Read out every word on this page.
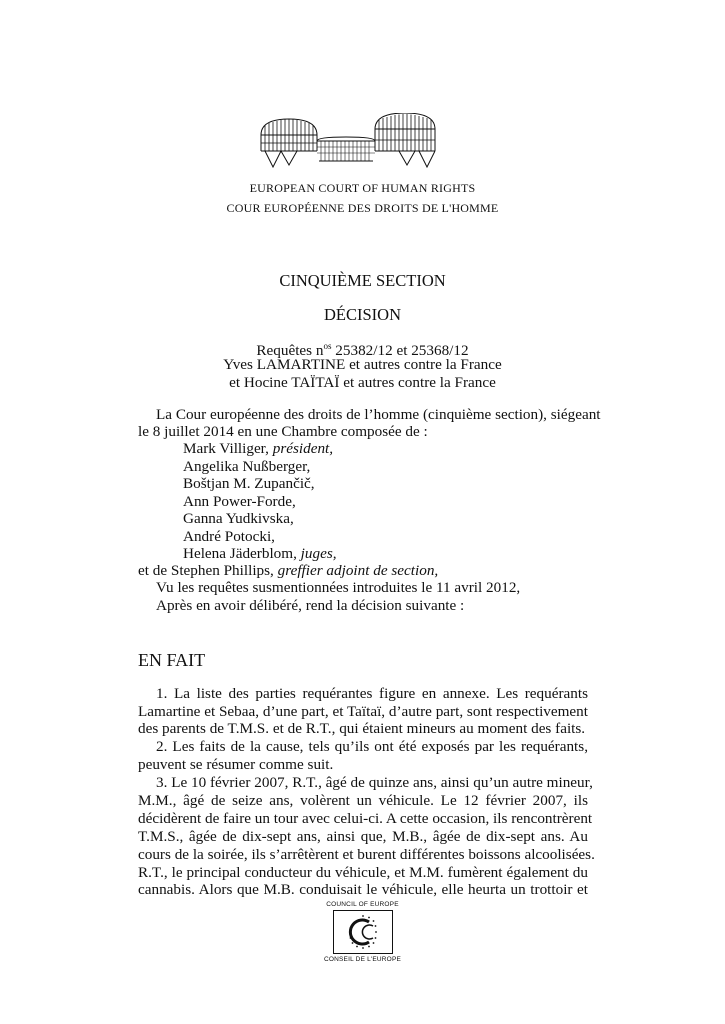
EUROPEAN COURT OF HUMAN RIGHTS
COUR EUROPÉENNE DES DROITS DE L'HOMME
CINQUIÈME SECTION
DÉCISION
Requêtes $n^{os}$ 25382/12 et 25368/12
Yves LAMARTINE et autres contre la France
et Hocine TAÏTAÏ et autres contre la France
La Cour européenne des droits de l’homme (cinquième section), siégeant
le 8 juillet 2014 en une Chambre composée de :
Mark Villiger, président,
Angelika Nußberger,
Boštjan M. Zupančič,
Ann Power-Forde,
Ganna Yudkivska,
André Potocki,
Helena Jäderblom, juges,
et de Stephen Phillips, greffier adjoint de section,
Vu les requêtes susmentionnées introduites le 11 avril 2012,
Après en avoir délibéré, rend la décision suivante :
EN FAIT
1. La liste des parties requérantes figure en annexe. Les requérants
Lamartine et Sebaa, d’une part, et Taïtaï, d’autre part, sont respectivement
des parents de T.M.S. et de R.T., qui étaient mineurs au moment des faits.
2. Les faits de la cause, tels qu’ils ont été exposés par les requérants,
peuvent se résumer comme suit.
3. Le 10 février 2007, R.T., âgé de quinze ans, ainsi qu’un autre mineur,
M.M., âgé de seize ans, volèrent un véhicule. Le 12 février 2007, ils
décidèrent de faire un tour avec celui-ci. A cette occasion, ils rencontrèrent
T.M.S., âgée de dix-sept ans, ainsi que, M.B., âgée de dix-sept ans. Au
cours de la soirée, ils s’arrêtèrent et burent différentes boissons alcoolisées.
R.T., le principal conducteur du véhicule, et M.M. fumèrent également du
cannabis. Alors que M.B. conduisait le véhicule, elle heurta un trottoir et
COUNCIL OF EUROPE
CONSEIL DE L'EUROPE
